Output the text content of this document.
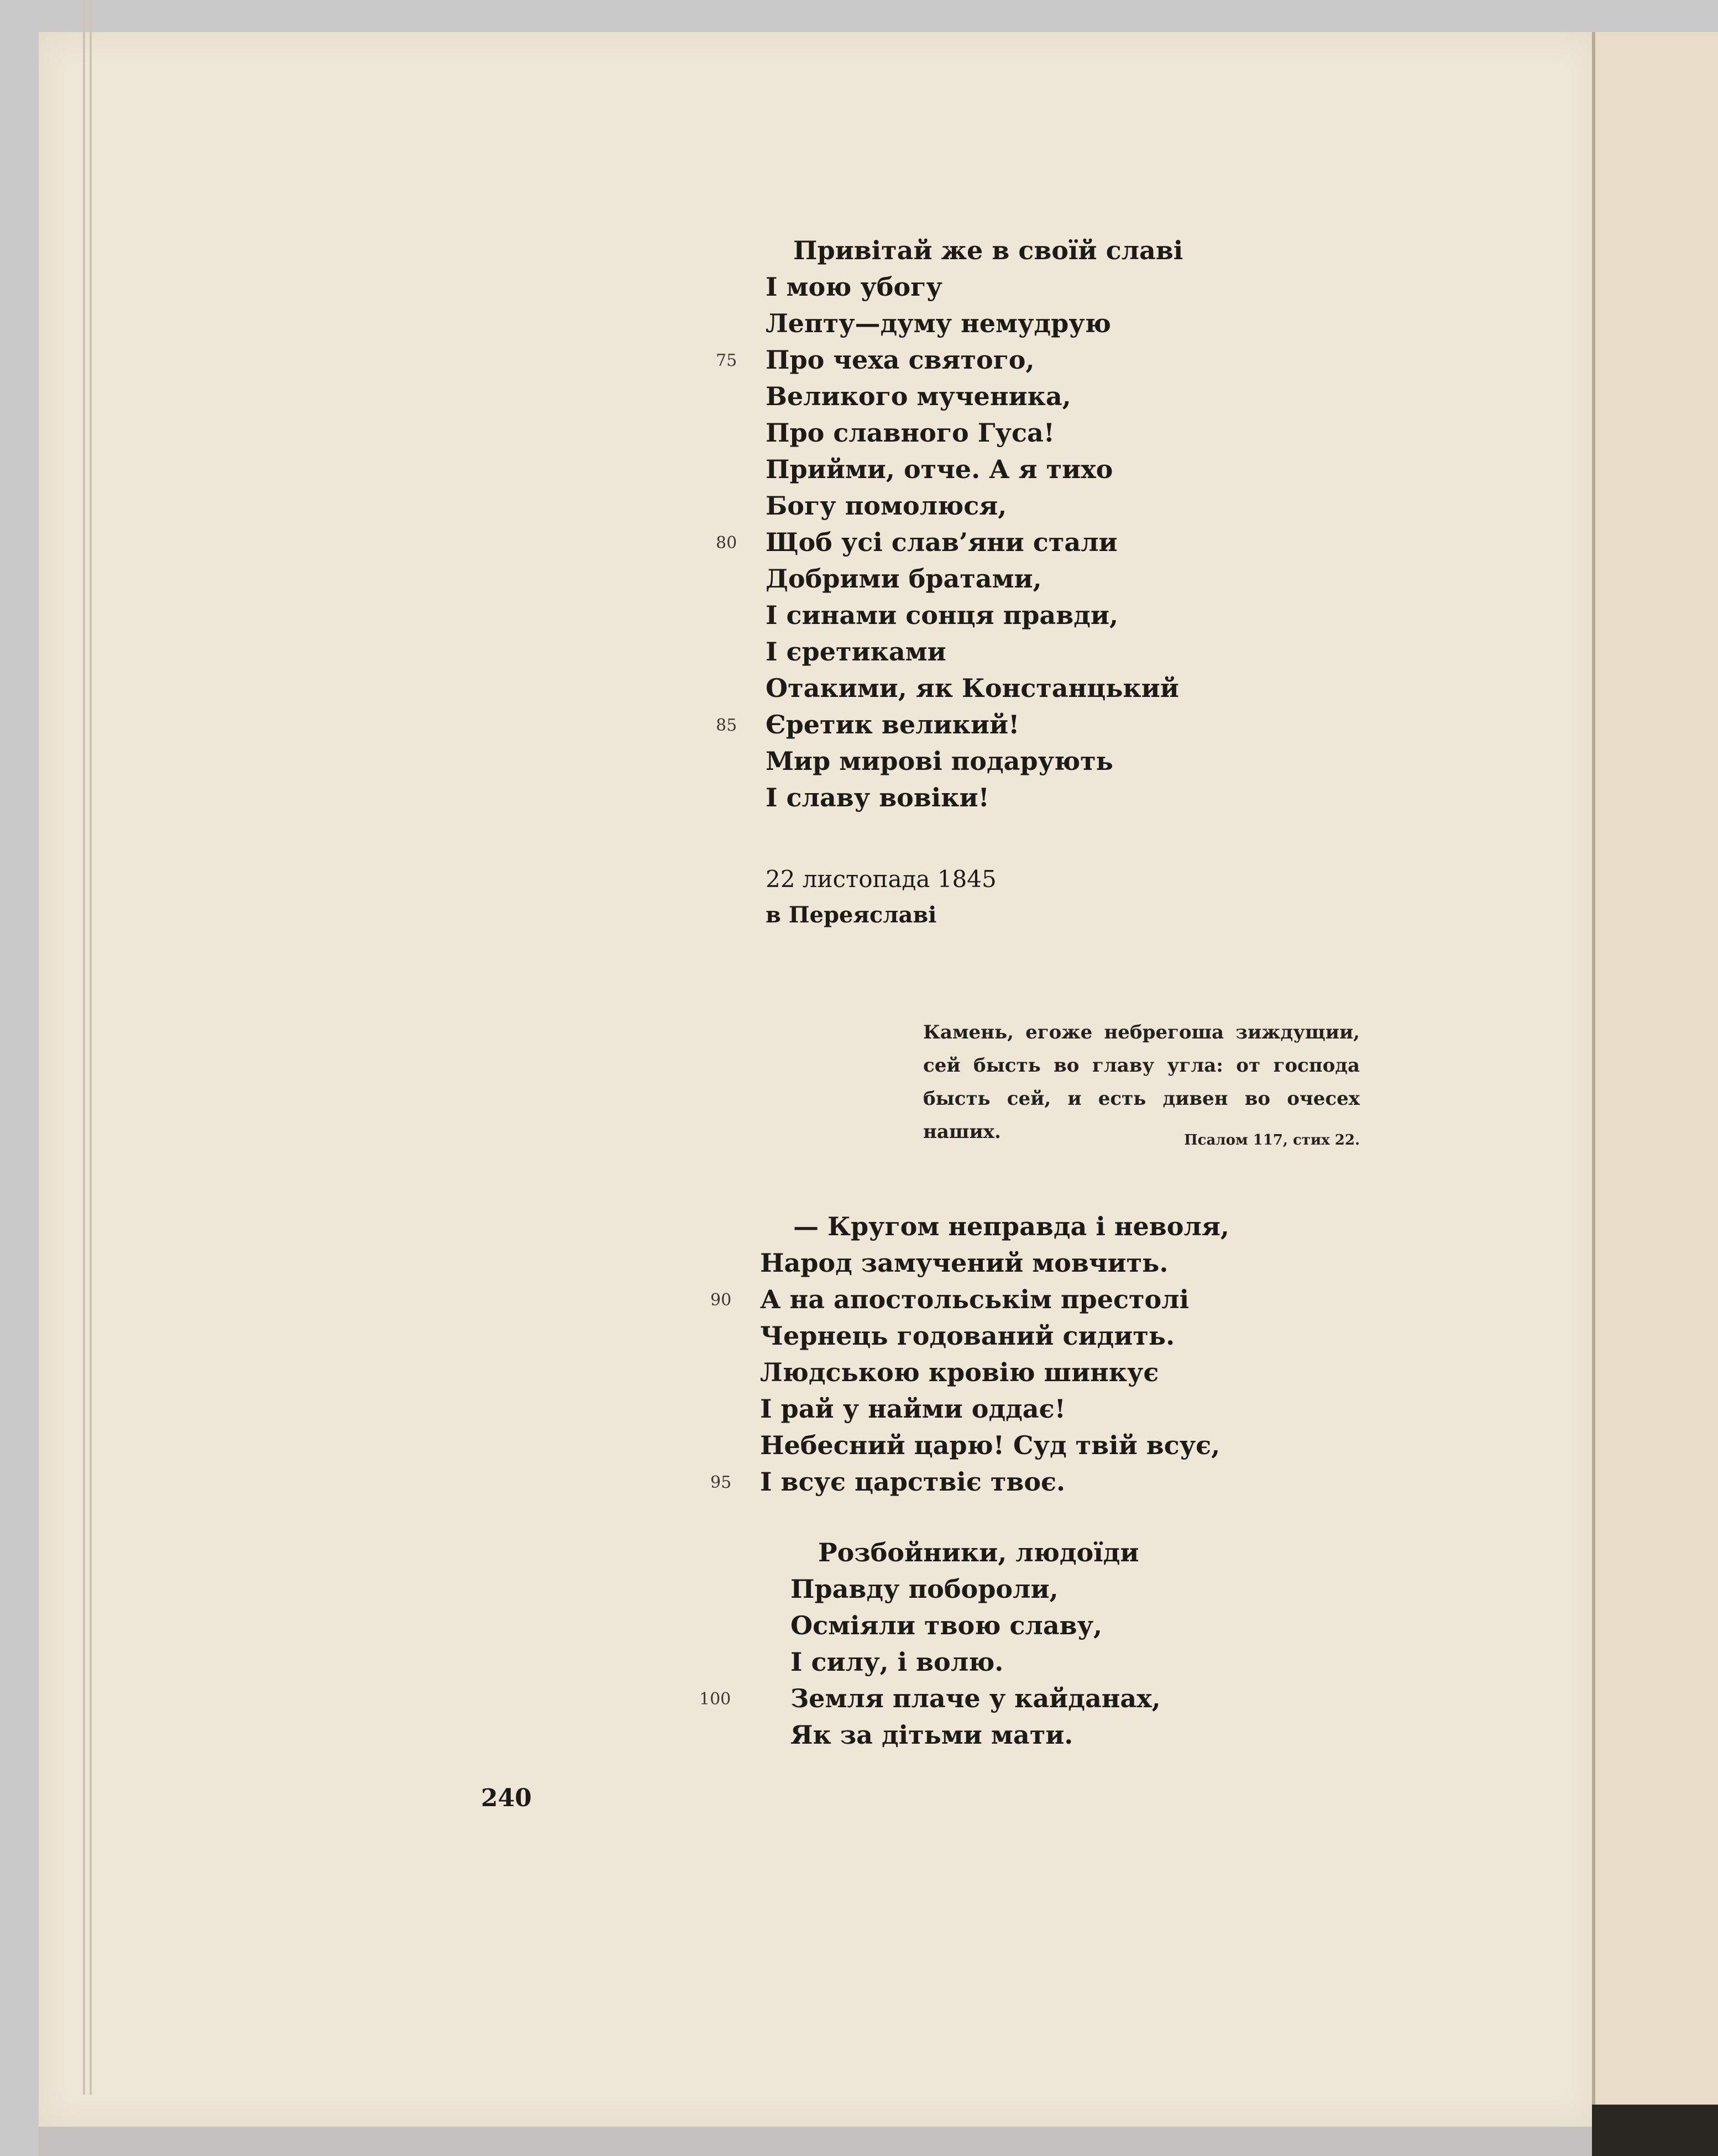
Привітай же в своїй славі
І мою убогу
Лепту—думу немудрую
75 Про чеха святого,
Великого мученика,
Про славного Гуса!
Прийми, отче. А я тихо
Богу помолюся,
80 Щоб усі слав’яни стали
Добрими братами,
І синами сонця правди,
І єретиками
Отакими, як Констанцький
85 Єретик великий!
Мир мирові подарують
І славу вовіки!
22 листопада 1845
в Переяславі
Камень, егоже небрегоша зиждущии, сей бысть во главу угла: от господа бысть сей, и есть дивен во очесех наших.	Псалом 117, стих 22.
— Кругом неправда і неволя,
Народ замучений мовчить.
90 А на апостольськім престолі
Чернець годований сидить.
Людською кровію шинкує
І рай у найми оддає!
Небесний царю! Суд твій всує,
95 І всує царствіє твоє.
Розбойники, людоїди
Правду побороли,
Осміяли твою славу,
І силу, і волю.
100 Земля плаче у кайданах,
Як за дітьми мати.
240
